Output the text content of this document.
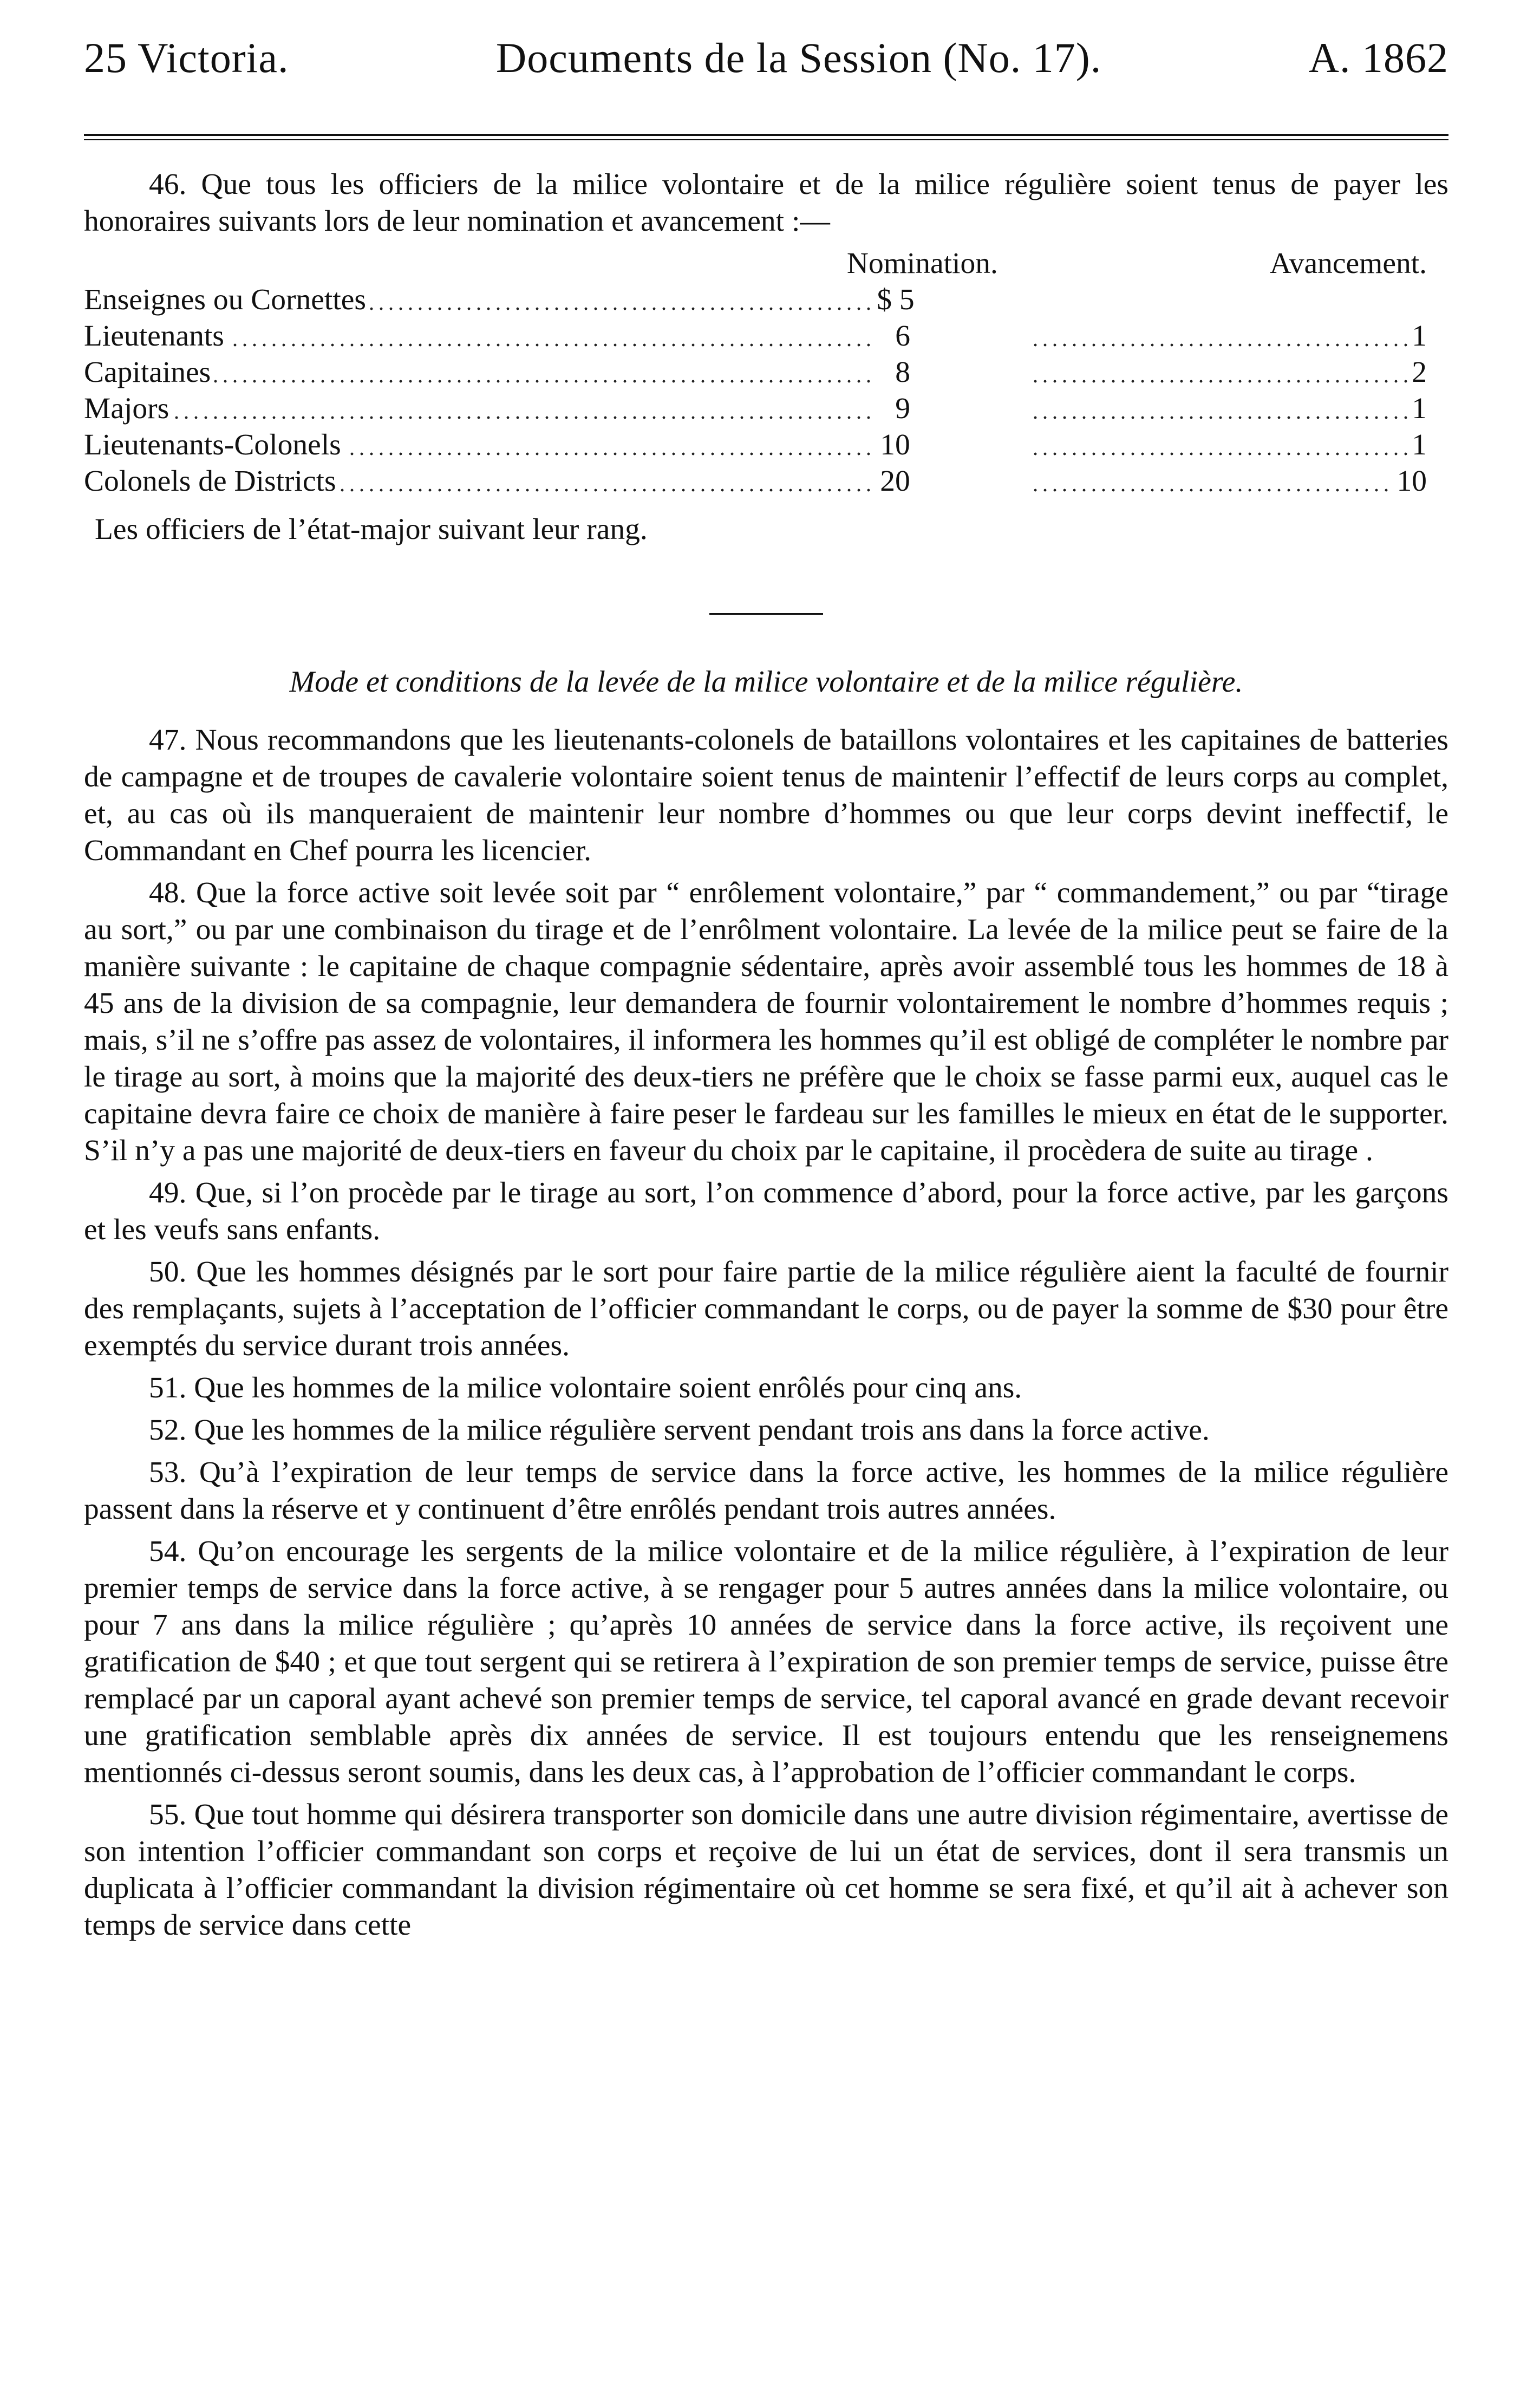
25 Victoria.	Documents de la Session (No. 17).	A. 1862

46. Que tous les officiers de la milice volontaire et de la milice régulière soient tenus de payer les honoraires suivants lors de leur nomination et avancement :—

	Nomination.	Avancement.
Enseignes ou Cornettes	$ 5	
Lieutenants	6	1
Capitaines	8	2
Majors	9	1
Lieutenants-Colonels	10	1
Colonels de Districts	20	10

Les officiers de l’état-major suivant leur rang.

Mode et conditions de la levée de la milice volontaire et de la milice régulière.

47. Nous recommandons que les lieutenants-colonels de bataillons volontaires et les capitaines de batteries de campagne et de troupes de cavalerie volontaire soient tenus de maintenir l’effectif de leurs corps au complet, et, au cas où ils manqueraient de maintenir leur nombre d’hommes ou que leur corps devint ineffectif, le Commandant en Chef pourra les licencier.

48. Que la force active soit levée soit par “ enrôlement volontaire,” par “ commandement,” ou par “tirage au sort,” ou par une combinaison du tirage et de l’enrôlment volontaire. La levée de la milice peut se faire de la manière suivante : le capitaine de chaque compagnie sédentaire, après avoir assemblé tous les hommes de 18 à 45 ans de la division de sa compagnie, leur demandera de fournir volontairement le nombre d’hommes requis ; mais, s’il ne s’offre pas assez de volontaires, il informera les hommes qu’il est obligé de compléter le nombre par le tirage au sort, à moins que la majorité des deux-tiers ne préfère que le choix se fasse parmi eux, auquel cas le capitaine devra faire ce choix de manière à faire peser le fardeau sur les familles le mieux en état de le supporter. S’il n’y a pas une majorité de deux-tiers en faveur du choix par le capitaine, il procèdera de suite au tirage .

49. Que, si l’on procède par le tirage au sort, l’on commence d’abord, pour la force active, par les garçons et les veufs sans enfants.

50. Que les hommes désignés par le sort pour faire partie de la milice régulière aient la faculté de fournir des remplaçants, sujets à l’acceptation de l’officier commandant le corps, ou de payer la somme de $30 pour être exemptés du service durant trois années.

51. Que les hommes de la milice volontaire soient enrôlés pour cinq ans.

52. Que les hommes de la milice régulière servent pendant trois ans dans la force active.

53. Qu’à l’expiration de leur temps de service dans la force active, les hommes de la milice régulière passent dans la réserve et y continuent d’être enrôlés pendant trois autres années.

54. Qu’on encourage les sergents de la milice volontaire et de la milice régulière, à l’expiration de leur premier temps de service dans la force active, à se rengager pour 5 autres années dans la milice volontaire, ou pour 7 ans dans la milice régulière ; qu’après 10 années de service dans la force active, ils reçoivent une gratification de $40 ; et que tout sergent qui se retirera à l’expiration de son premier temps de service, puisse être remplacé par un caporal ayant achevé son premier temps de service, tel caporal avancé en grade devant recevoir une gratification semblable après dix années de service. Il est toujours entendu que les renseignemens mentionnés ci-dessus seront soumis, dans les deux cas, à l’approbation de l’officier commandant le corps.

55. Que tout homme qui désirera transporter son domicile dans une autre division régimentaire, avertisse de son intention l’officier commandant son corps et reçoive de lui un état de services, dont il sera transmis un duplicata à l’officier commandant la division régimentaire où cet homme se sera fixé, et qu’il ait à achever son temps de service dans cette
